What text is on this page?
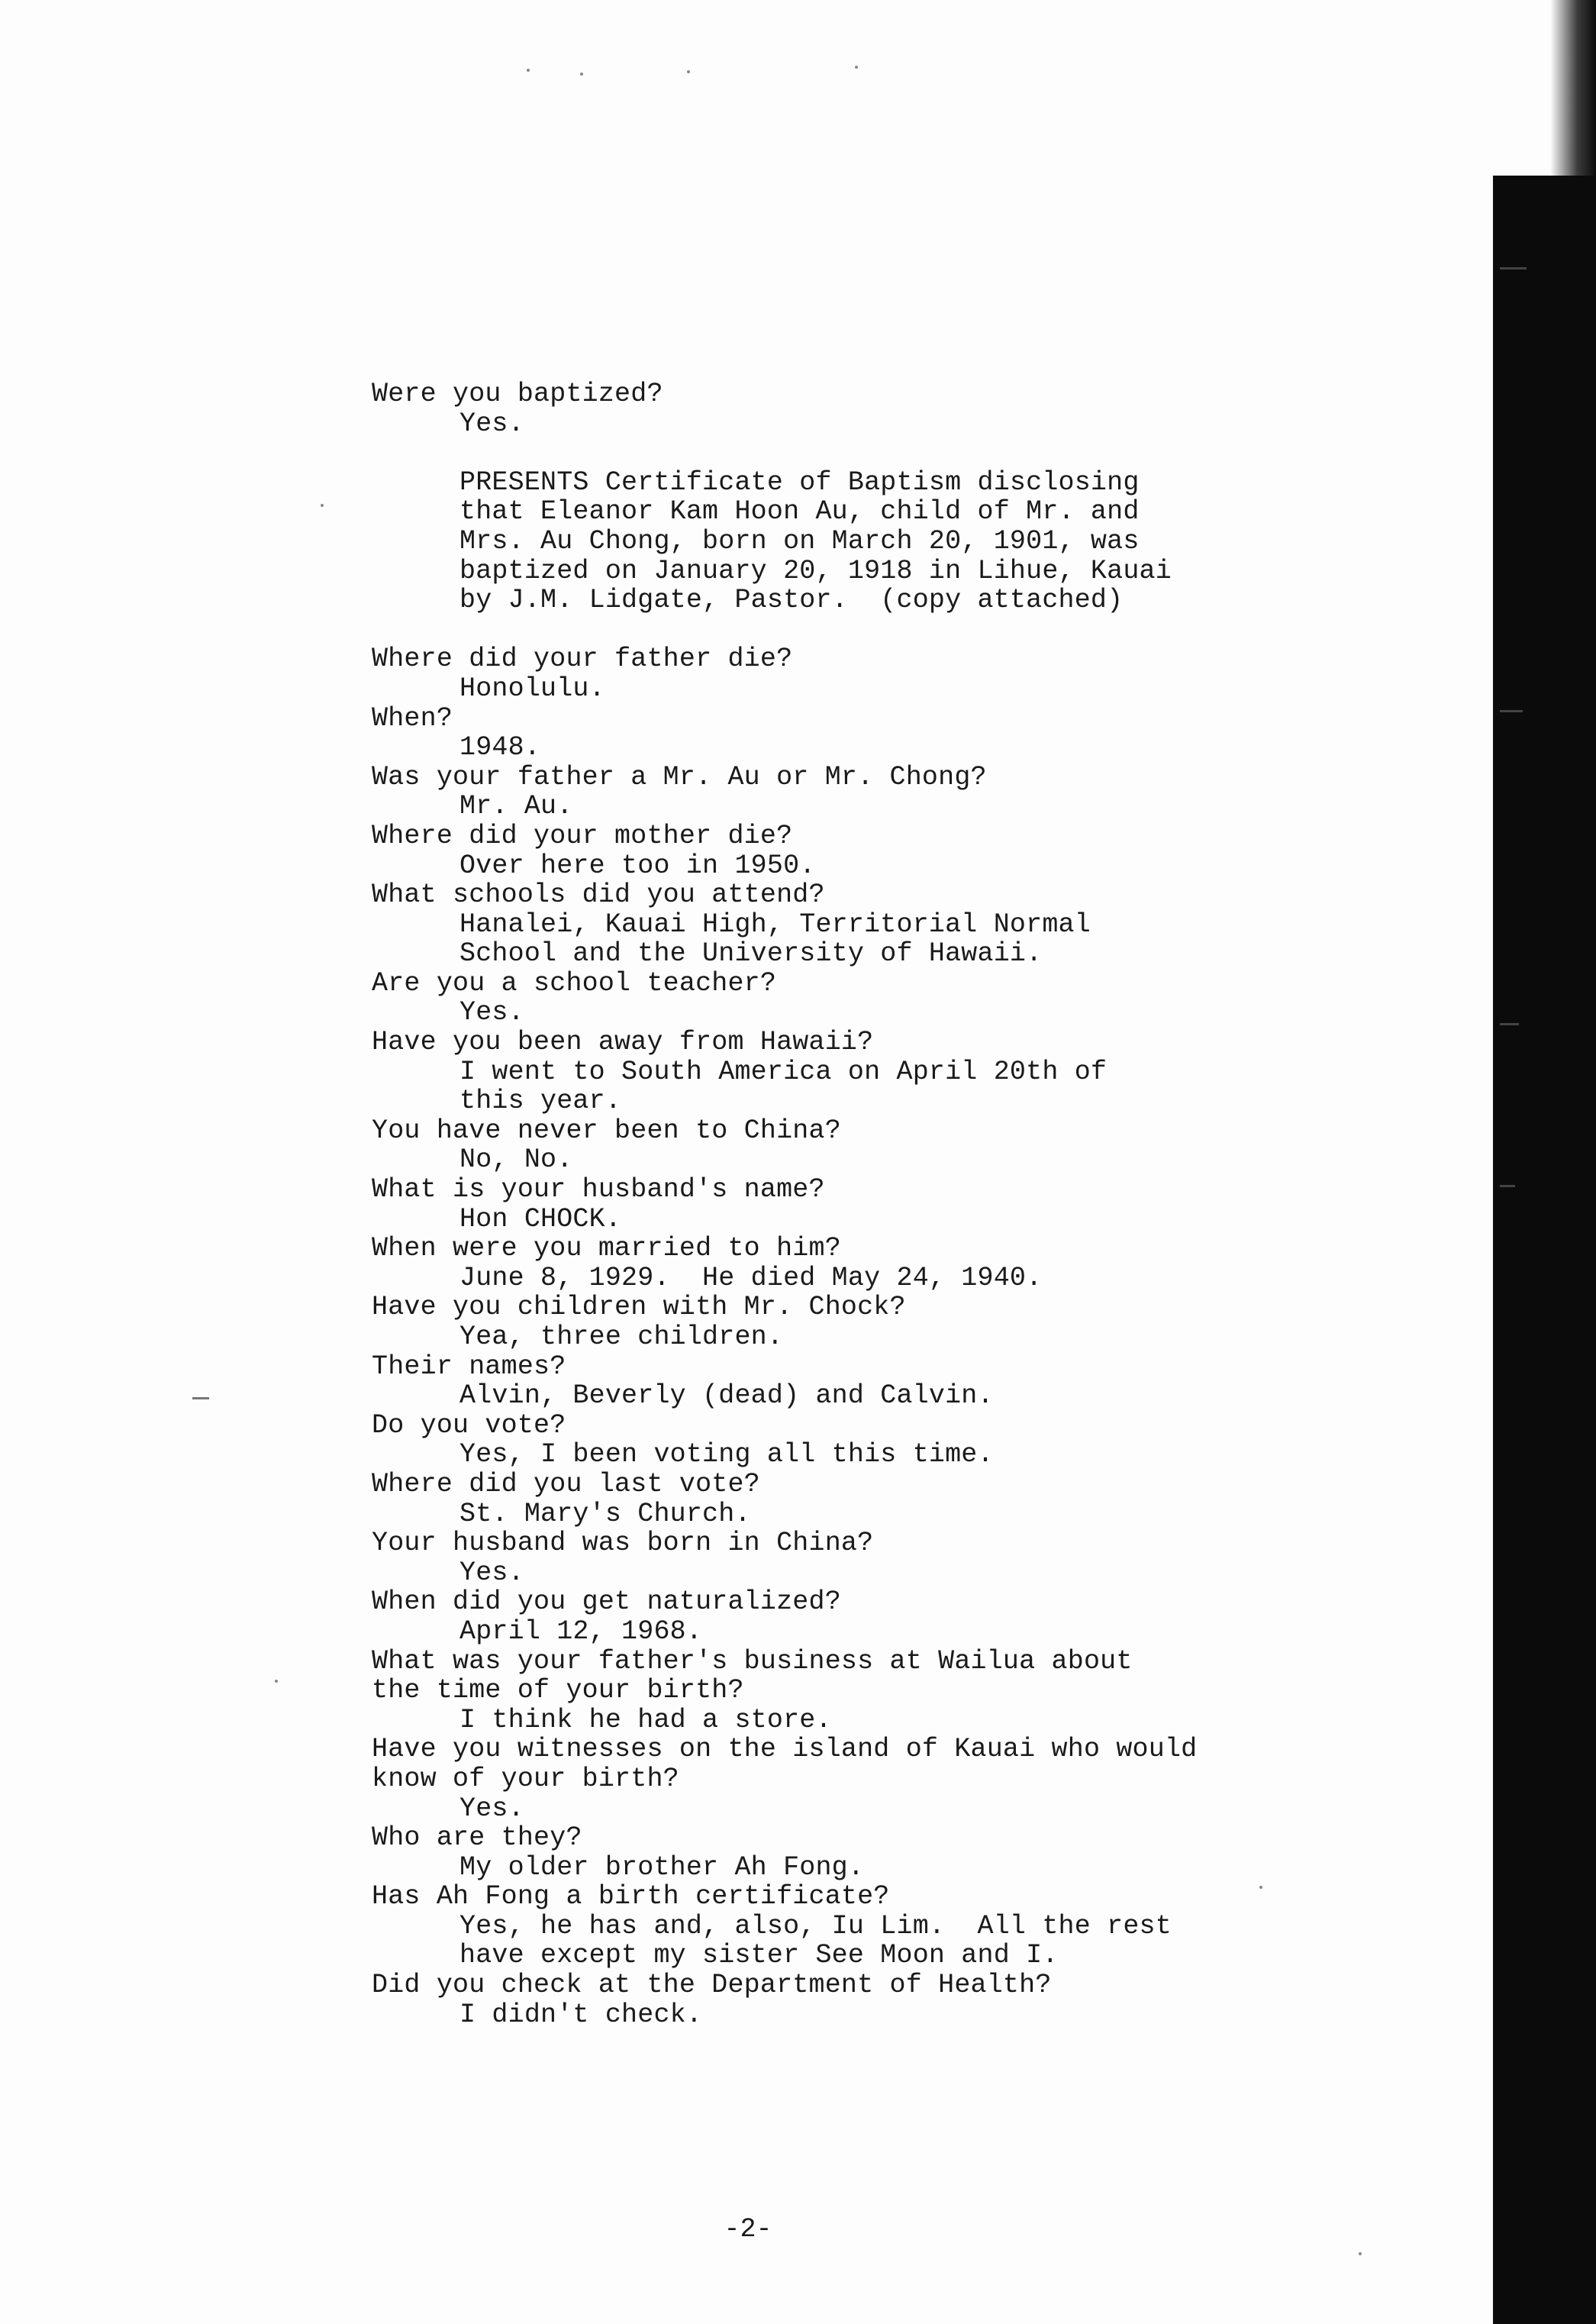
Were you baptized?
Yes.
PRESENTS Certificate of Baptism disclosing
that Eleanor Kam Hoon Au, child of Mr. and
Mrs. Au Chong, born on March 20, 1901, was
baptized on January 20, 1918 in Lihue, Kauai
by J.M. Lidgate, Pastor.  (copy attached)
Where did your father die?
Honolulu.
When?
1948.
Was your father a Mr. Au or Mr. Chong?
Mr. Au.
Where did your mother die?
Over here too in 1950.
What schools did you attend?
Hanalei, Kauai High, Territorial Normal
School and the University of Hawaii.
Are you a school teacher?
Yes.
Have you been away from Hawaii?
I went to South America on April 20th of
this year.
You have never been to China?
No, No.
What is your husband's name?
Hon CHOCK.
When were you married to him?
June 8, 1929.  He died May 24, 1940.
Have you children with Mr. Chock?
Yea, three children.
Their names?
Alvin, Beverly (dead) and Calvin.
Do you vote?
Yes, I been voting all this time.
Where did you last vote?
St. Mary's Church.
Your husband was born in China?
Yes.
When did you get naturalized?
April 12, 1968.
What was your father's business at Wailua about
the time of your birth?
I think he had a store.
Have you witnesses on the island of Kauai who would
know of your birth?
Yes.
Who are they?
My older brother Ah Fong.
Has Ah Fong a birth certificate?
Yes, he has and, also, Iu Lim.  All the rest
have except my sister See Moon and I.
Did you check at the Department of Health?
I didn't check.
-2-
